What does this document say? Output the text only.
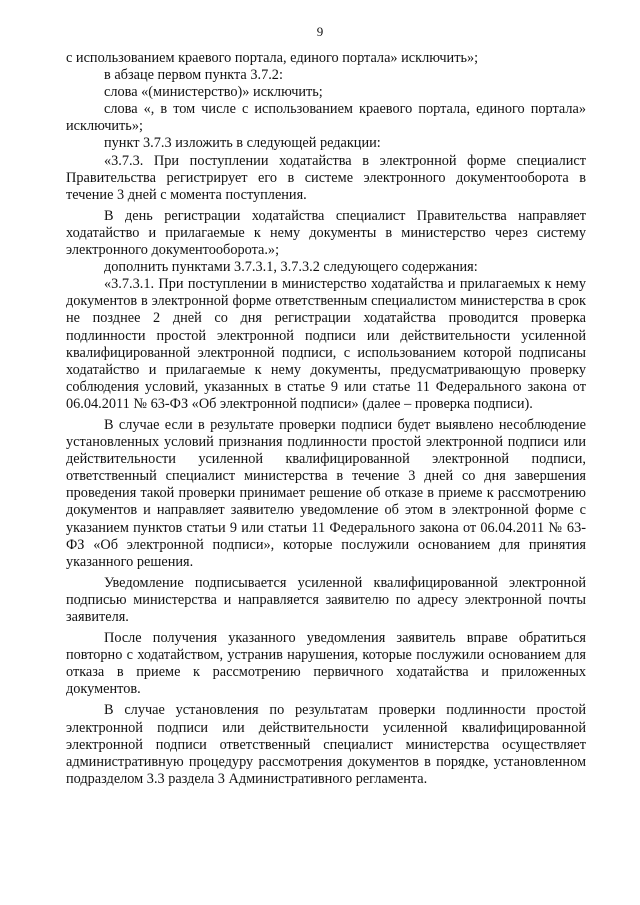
9

с использованием краевого портала, единого портала» исключить»;

в абзаце первом пункта 3.7.2:

слова «(министерство)» исключить;

слова «, в том числе с использованием краевого портала, единого портала» исключить»;

пункт 3.7.3 изложить в следующей редакции:

«3.7.3. При поступлении ходатайства в электронной форме специалист Правительства регистрирует его в системе электронного документооборота в течение 3 дней с момента поступления.

В день регистрации ходатайства специалист Правительства направляет ходатайство и прилагаемые к нему документы в министерство через систему электронного документооборота.»;

дополнить пунктами 3.7.3.1, 3.7.3.2 следующего содержания:

«3.7.3.1. При поступлении в министерство ходатайства и прилагаемых к нему документов в электронной форме ответственным специалистом министерства в срок не позднее 2 дней со дня регистрации ходатайства проводится проверка подлинности простой электронной подписи или действительности усиленной квалифицированной электронной подписи, с использованием которой подписаны ходатайство и прилагаемые к нему документы, предусматривающую проверку соблюдения условий, указанных в статье 9 или статье 11 Федерального закона от 06.04.2011 № 63-ФЗ «Об электронной подписи» (далее – проверка подписи).

В случае если в результате проверки подписи будет выявлено несоблюдение установленных условий признания подлинности простой электронной подписи или действительности усиленной квалифицированной электронной подписи, ответственный специалист министерства в течение 3 дней со дня завершения проведения такой проверки принимает решение об отказе в приеме к рассмотрению документов и направляет заявителю уведомление об этом в электронной форме с указанием пунктов статьи 9 или статьи 11 Федерального закона от 06.04.2011 № 63-ФЗ «Об электронной подписи», которые послужили основанием для принятия указанного решения.

Уведомление подписывается усиленной квалифицированной электронной подписью министерства и направляется заявителю по адресу электронной почты заявителя.

После получения указанного уведомления заявитель вправе обратиться повторно с ходатайством, устранив нарушения, которые послужили основанием для отказа в приеме к рассмотрению первичного ходатайства и приложенных документов.

В случае установления по результатам проверки подлинности простой электронной подписи или действительности усиленной квалифицированной электронной подписи ответственный специалист министерства осуществляет административную процедуру рассмотрения документов в порядке, установленном подразделом 3.3 раздела 3 Административного регламента.
